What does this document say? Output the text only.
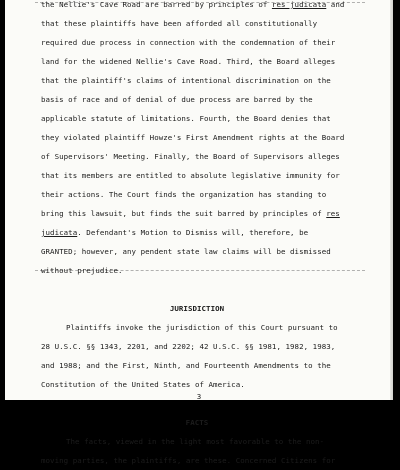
the Nellie's Cave Road are barred by principles of res judicata and
that these plaintiffs have been afforded all constitutionally
required due process in connection with the condemnation of their
land for the widened Nellie's Cave Road. Third, the Board alleges
that the plaintiff's claims of intentional discrimination on the
basis of race and of denial of due process are barred by the
applicable statute of limitations. Fourth, the Board denies that
they violated plaintiff Howze's First Amendment rights at the Board
of Supervisors' Meeting. Finally, the Board of Supervisors alleges
that its members are entitled to absolute legislative immunity for
their actions. The Court finds the organization has standing to
bring this lawsuit, but finds the suit barred by principles of res
judicata. Defendant's Motion to Dismiss will, therefore, be
GRANTED; however, any pendent state law claims will be dismissed
without prejudice.
JURISDICTION
Plaintiffs invoke the jurisdiction of this Court pursuant to
28 U.S.C. §§ 1343, 2201, and 2202; 42 U.S.C. §§ 1981, 1982, 1983,
and 1988; and the First, Ninth, and Fourteenth Amendments to the
Constitution of the United States of America.
FACTS
The facts, viewed in the light most favorable to the non-
moving parties, the plaintiffs, are these. Concerned Citizens for
3
